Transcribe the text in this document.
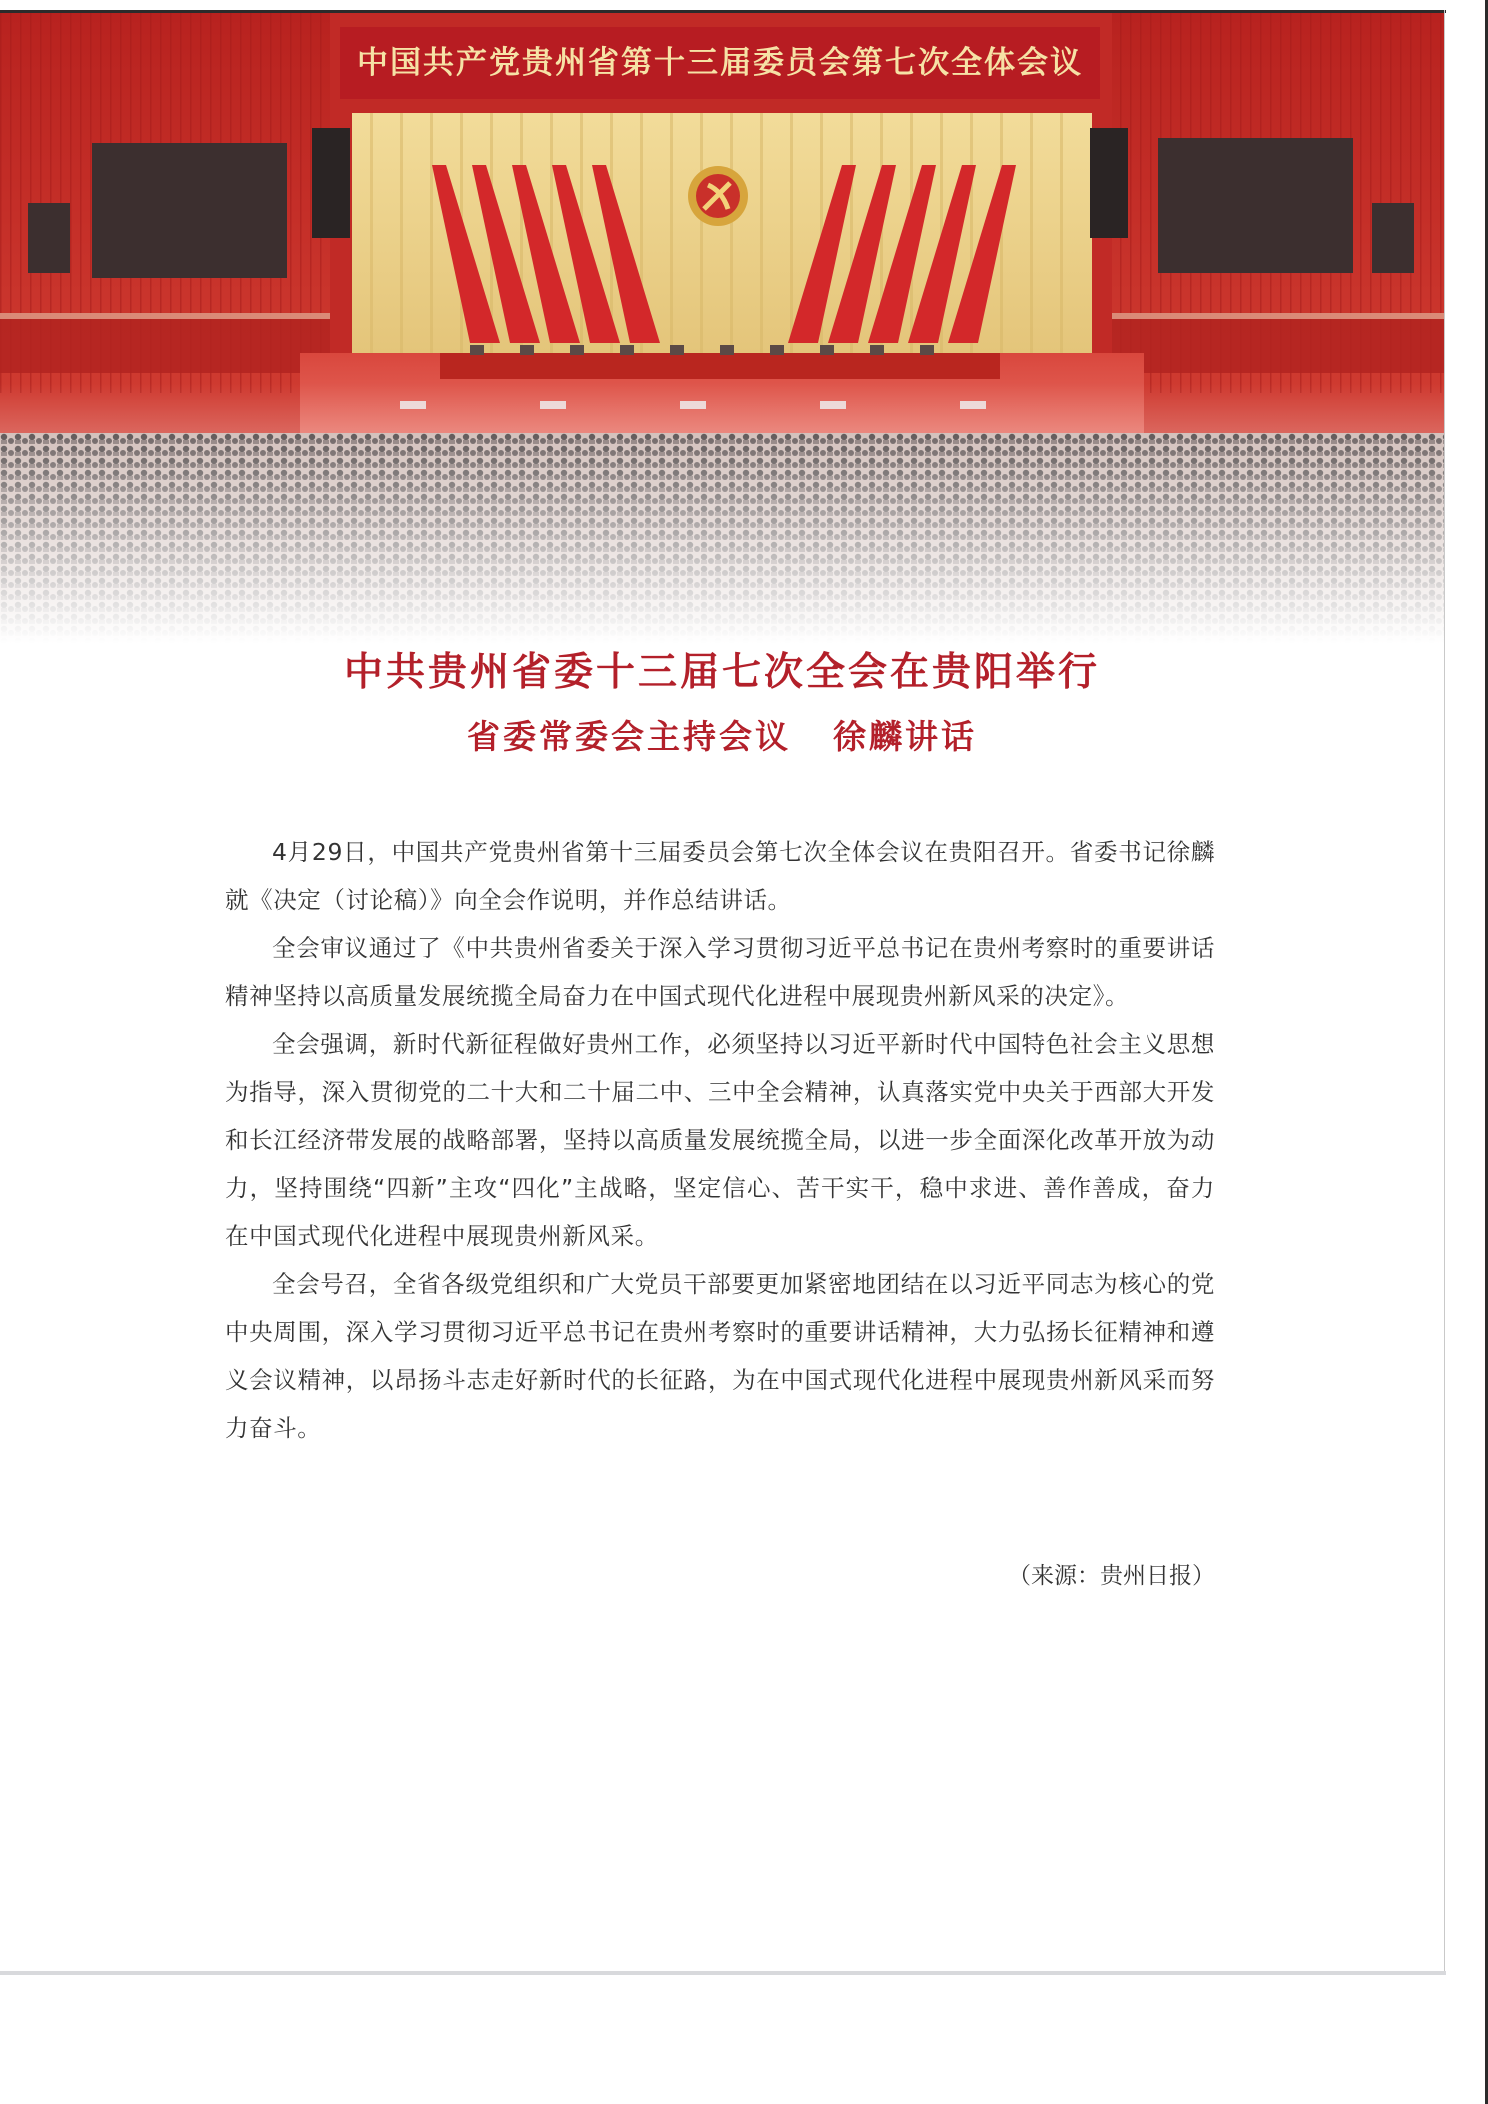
中国共产党贵州省第十三届委员会第七次全体会议
中共贵州省委十三届七次全会在贵阳举行
省委常委会主持会议 徐麟讲话

4月29日，中国共产党贵州省第十三届委员会第七次全体会议在贵阳召开。省委书记徐麟就《决定（讨论稿）》向全会作说明，并作总结讲话。

全会审议通过了《中共贵州省委关于深入学习贯彻习近平总书记在贵州考察时的重要讲话精神坚持以高质量发展统揽全局奋力在中国式现代化进程中展现贵州新风采的决定》。

全会强调，新时代新征程做好贵州工作，必须坚持以习近平新时代中国特色社会主义思想为指导，深入贯彻党的二十大和二十届二中、三中全会精神，认真落实党中央关于西部大开发和长江经济带发展的战略部署，坚持以高质量发展统揽全局，以进一步全面深化改革开放为动力，坚持围绕“四新”主攻“四化”主战略，坚定信心、苦干实干，稳中求进、善作善成，奋力在中国式现代化进程中展现贵州新风采。

全会号召，全省各级党组织和广大党员干部要更加紧密地团结在以习近平同志为核心的党中央周围，深入学习贯彻习近平总书记在贵州考察时的重要讲话精神，大力弘扬长征精神和遵义会议精神，以昂扬斗志走好新时代的长征路，为在中国式现代化进程中展现贵州新风采而努力奋斗。

（来源：贵州日报）
